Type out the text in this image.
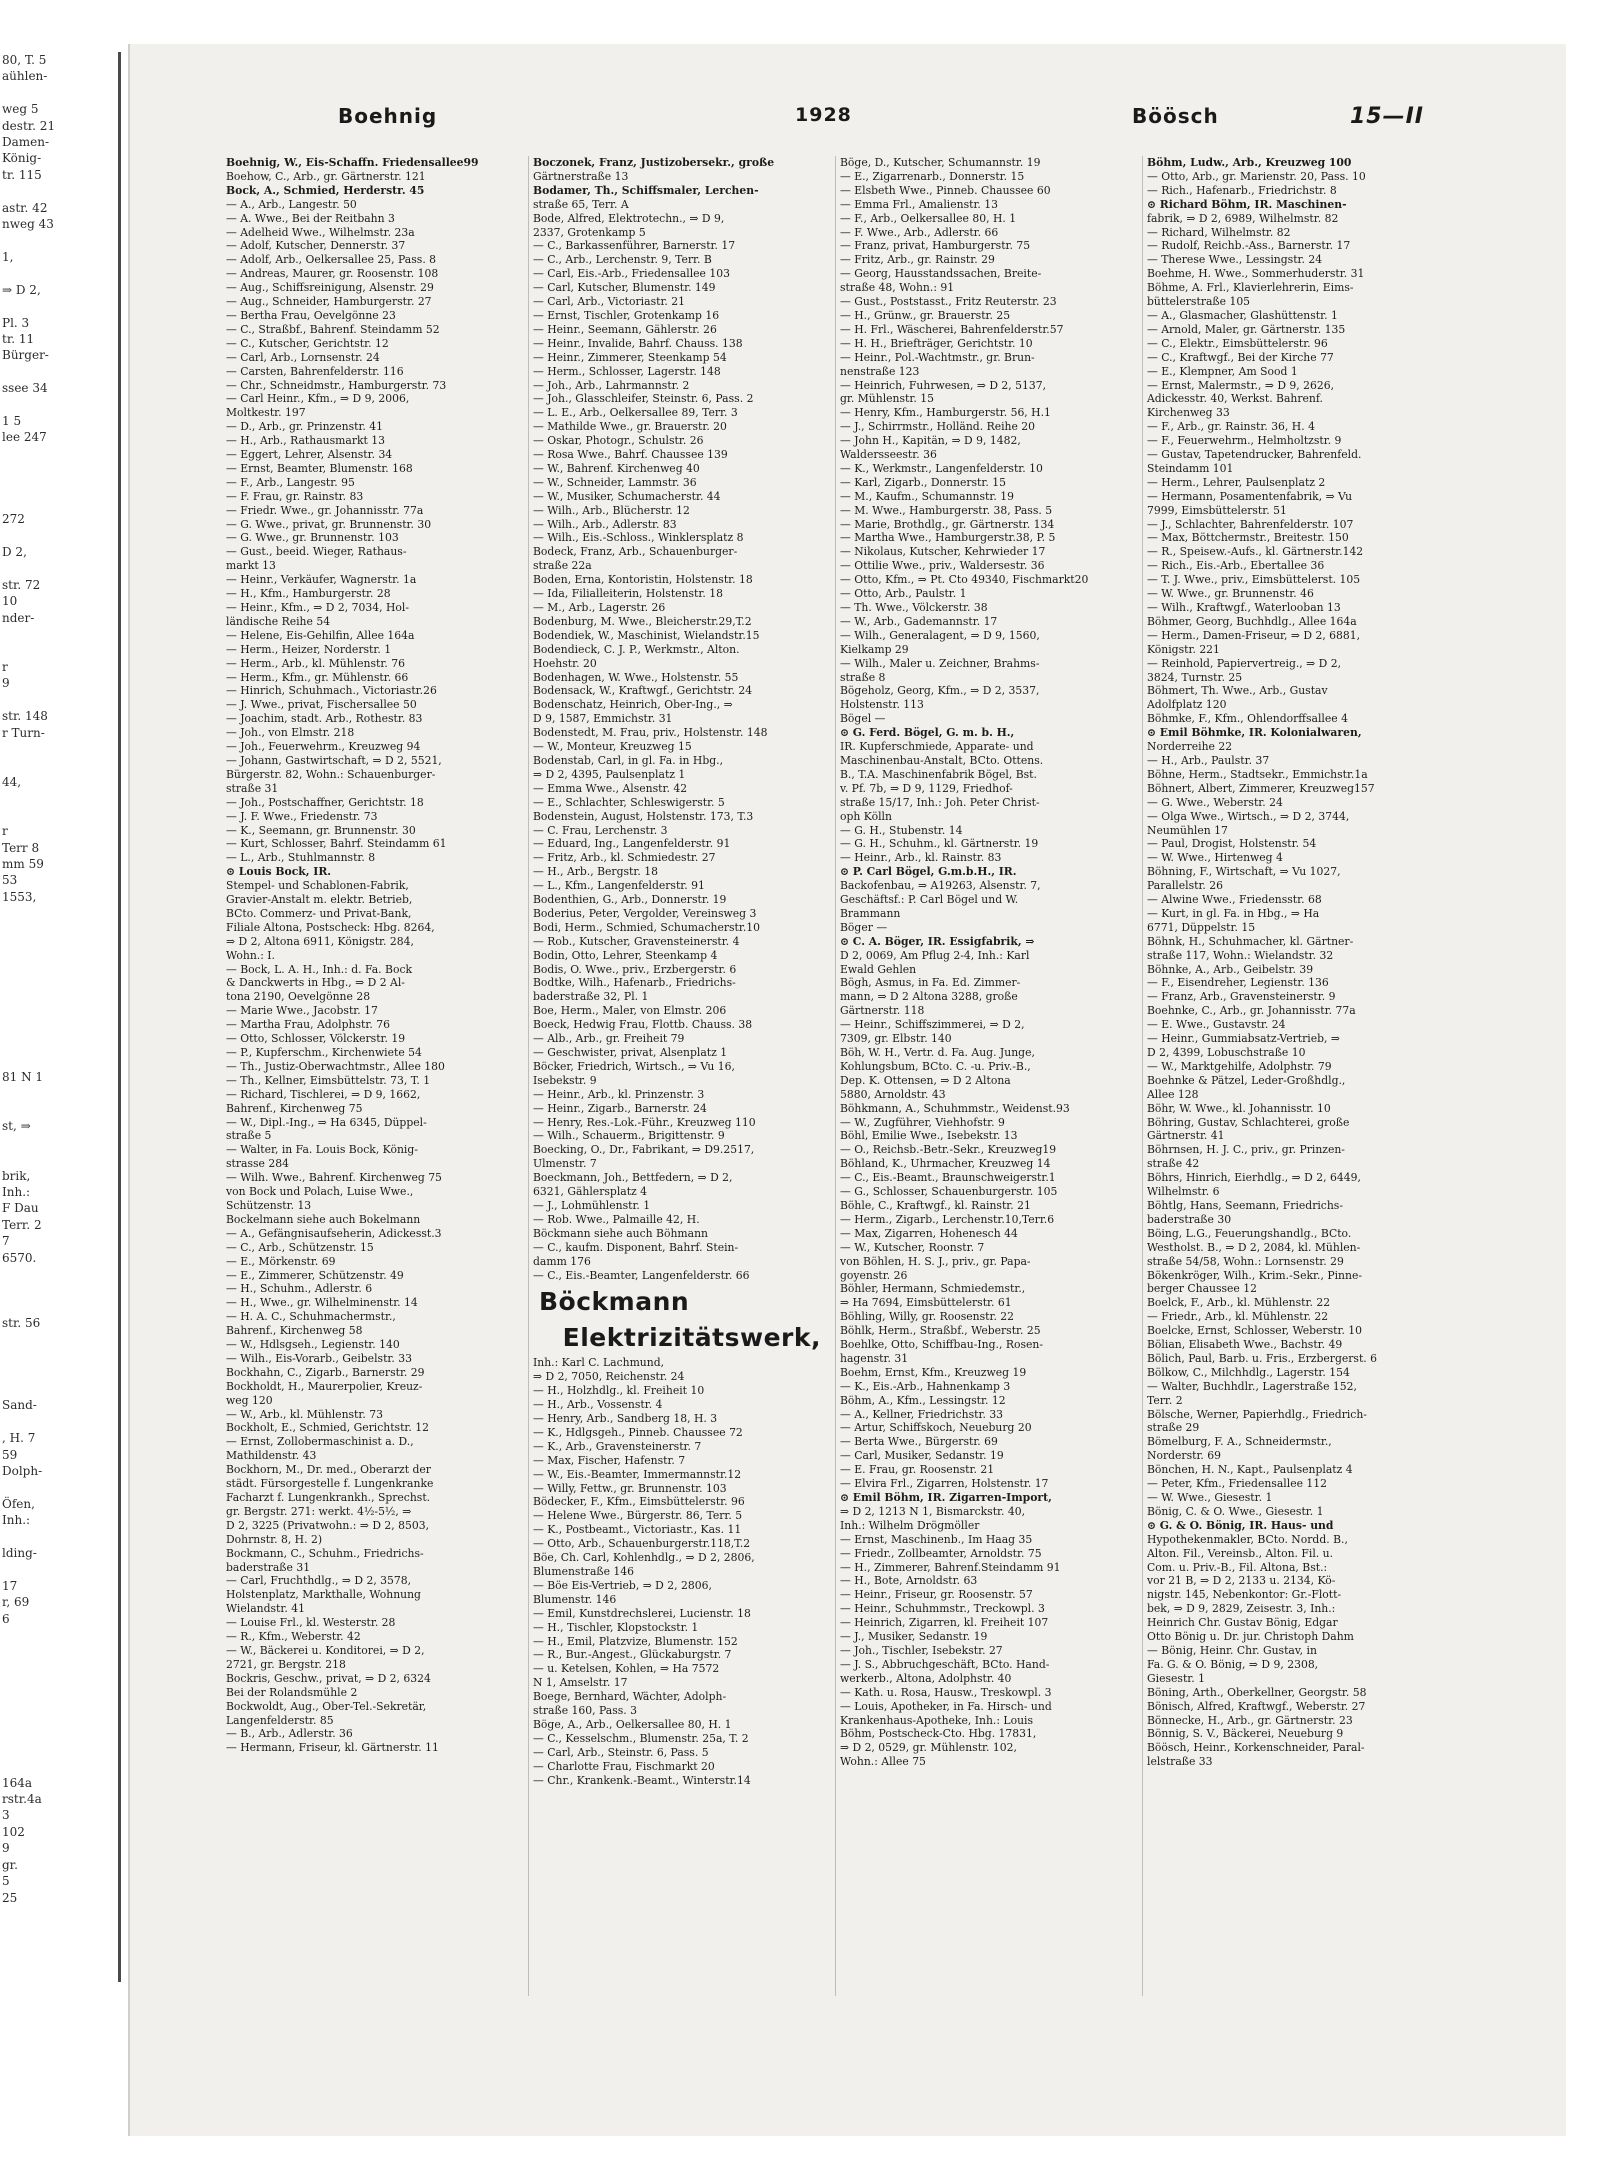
80, T. 5
aühlen-

weg 5
destr. 21
Damen-
König-
tr. 115

astr. 42
nweg 43

1,

⇒ D 2,

Pl. 3
tr. 11
Bürger-

ssee 34

1 5
lee 247

272

D 2,

str. 72
10
nder-

r
9

str. 148
r Turn-

44,

r
Terr 8
mm 59
53
1553,

81 N 1

st, ⇒

brik,
Inh.:
F Dau
Terr. 2
7
6570.

str. 56

Sand-

, H. 7
59
Dolph-

Öfen,
Inh.:

lding-

17
r, 69
6

164a
rstr.4a
3
102
9
gr.
5
25
Boehnig	1928	Böösch	15—II
Boehnig, W., Eis-Schaffn. Friedensallee99
Boehow, C., Arb., gr. Gärtnerstr. 121
Bock, A., Schmied, Herderstr. 45
— A., Arb., Langestr. 50
— A. Wwe., Bei der Reitbahn 3
— Adelheid Wwe., Wilhelmstr. 23a
— Adolf, Kutscher, Dennerstr. 37
— Adolf, Arb., Oelkersallee 25, Pass. 8
— Andreas, Maurer, gr. Roosenstr. 108
— Aug., Schiffsreinigung, Alsenstr. 29
— Aug., Schneider, Hamburgerstr. 27
— Bertha Frau, Oevelgönne 23
— C., Straßbf., Bahrenf. Steindamm 52
— C., Kutscher, Gerichtstr. 12
— Carl, Arb., Lornsenstr. 24
— Carsten, Bahrenfelderstr. 116
— Chr., Schneidmstr., Hamburgerstr. 73
— Carl Heinr., Kfm., ⇒ D 9, 2006,
Moltkestr. 197
— D., Arb., gr. Prinzenstr. 41
— H., Arb., Rathausmarkt 13
— Eggert, Lehrer, Alsenstr. 34
— Ernst, Beamter, Blumenstr. 168
— F., Arb., Langestr. 95
— F. Frau, gr. Rainstr. 83
— Friedr. Wwe., gr. Johannisstr. 77a
— G. Wwe., privat, gr. Brunnenstr. 30
— G. Wwe., gr. Brunnenstr. 103
— Gust., beeid. Wieger, Rathaus-
markt 13
— Heinr., Verkäufer, Wagnerstr. 1a
— H., Kfm., Hamburgerstr. 28
— Heinr., Kfm., ⇒ D 2, 7034, Hol-
ländische Reihe 54
— Helene, Eis-Gehilfin, Allee 164a
— Herm., Heizer, Norderstr. 1
— Herm., Arb., kl. Mühlenstr. 76
— Herm., Kfm., gr. Mühlenstr. 66
— Hinrich, Schuhmach., Victoriastr.26
— J. Wwe., privat, Fischersallee 50
— Joachim, stadt. Arb., Rothestr. 83
— Joh., von Elmstr. 218
— Joh., Feuerwehrm., Kreuzweg 94
— Johann, Gastwirtschaft, ⇒ D 2, 5521,
Bürgerstr. 82, Wohn.: Schauenburger-
straße 31
— Joh., Postschaffner, Gerichtstr. 18
— J. F. Wwe., Friedenstr. 73
— K., Seemann, gr. Brunnenstr. 30
— Kurt, Schlosser, Bahrf. Steindamm 61
— L., Arb., Stuhlmannstr. 8
⊙ Louis Bock, IR.
Stempel- und Schablonen-Fabrik,
Gravier-Anstalt m. elektr. Betrieb,
BCto. Commerz- und Privat-Bank,
Filiale Altona, Postscheck: Hbg. 8264,
⇒ D 2, Altona 6911, Königstr. 284,
Wohn.: I.
— Bock, L. A. H., Inh.: d. Fa. Bock
& Danckwerts in Hbg., ⇒ D 2 Al-
tona 2190, Oevelgönne 28
— Marie Wwe., Jacobstr. 17
— Martha Frau, Adolphstr. 76
— Otto, Schlosser, Völckerstr. 19
— P., Kupferschm., Kirchenwiete 54
— Th., Justiz-Oberwachtmstr., Allee 180
— Th., Kellner, Eimsbüttelstr. 73, T. 1
— Richard, Tischlerei, ⇒ D 9, 1662,
Bahrenf., Kirchenweg 75
— W., Dipl.-Ing., ⇒ Ha 6345, Düppel-
straße 5
— Walter, in Fa. Louis Bock, König-
strasse 284
— Wilh. Wwe., Bahrenf. Kirchenweg 75
von Bock und Polach, Luise Wwe.,
Schützenstr. 13
Bockelmann siehe auch Bokelmann
— A., Gefängnisaufseherin, Adickesst.3
— C., Arb., Schützenstr. 15
— E., Mörkenstr. 69
— E., Zimmerer, Schützenstr. 49
— H., Schuhm., Adlerstr. 6
— H., Wwe., gr. Wilhelminenstr. 14
— H. A. C., Schuhmachermstr.,
Bahrenf., Kirchenweg 58
— W., Hdlsgseh., Legienstr. 140
— Wilh., Eis-Vorarb., Geibelstr. 33
Bockhahn, C., Zigarb., Barnerstr. 29
Bockholdt, H., Maurerpolier, Kreuz-
weg 120
— W., Arb., kl. Mühlenstr. 73
Bockholt, E., Schmied, Gerichtstr. 12
— Ernst, Zollobermaschinist a. D.,
Mathildenstr. 43
Bockhorn, M., Dr. med., Oberarzt der
städt. Fürsorgestelle f. Lungenkranke
Facharzt f. Lungenkrankh., Sprechst.
gr. Bergstr. 271: werkt. 4½-5½, ⇒
D 2, 3225 (Privatwohn.: ⇒ D 2, 8503,
Dohrnstr. 8, H. 2)
Bockmann, C., Schuhm., Friedrichs-
baderstraße 31
— Carl, Fruchthdlg., ⇒ D 2, 3578,
Holstenplatz, Markthalle, Wohnung
Wielandstr. 41
— Louise Frl., kl. Westerstr. 28
— R., Kfm., Weberstr. 42
— W., Bäckerei u. Konditorei, ⇒ D 2,
2721, gr. Bergstr. 218
Bockris, Geschw., privat, ⇒ D 2, 6324
Bei der Rolandsmühle 2
Bockwoldt, Aug., Ober-Tel.-Sekretär,
Langenfelderstr. 85
— B., Arb., Adlerstr. 36
— Hermann, Friseur, kl. Gärtnerstr. 11
Boczonek, Franz, Justizobersekr., große
Gärtnerstraße 13
Bodamer, Th., Schiffsmaler, Lerchen-
straße 65, Terr. A
Bode, Alfred, Elektrotechn., ⇒ D 9,
2337, Grotenkamp 5
— C., Barkassenführer, Barnerstr. 17
— C., Arb., Lerchenstr. 9, Terr. B
— Carl, Eis.-Arb., Friedensallee 103
— Carl, Kutscher, Blumenstr. 149
— Carl, Arb., Victoriastr. 21
— Ernst, Tischler, Grotenkamp 16
— Heinr., Seemann, Gählerstr. 26
— Heinr., Invalide, Bahrf. Chauss. 138
— Heinr., Zimmerer, Steenkamp 54
— Herm., Schlosser, Lagerstr. 148
— Joh., Arb., Lahrmannstr. 2
— Joh., Glasschleifer, Steinstr. 6, Pass. 2
— L. E., Arb., Oelkersallee 89, Terr. 3
— Mathilde Wwe., gr. Brauerstr. 20
— Oskar, Photogr., Schulstr. 26
— Rosa Wwe., Bahrf. Chaussee 139
— W., Bahrenf. Kirchenweg 40
— W., Schneider, Lammstr. 36
— W., Musiker, Schumacherstr. 44
— Wilh., Arb., Blücherstr. 12
— Wilh., Arb., Adlerstr. 83
— Wilh., Eis.-Schloss., Winklersplatz 8
Bodeck, Franz, Arb., Schauenburger-
straße 22a
Boden, Erna, Kontoristin, Holstenstr. 18
— Ida, Filialleiterin, Holstenstr. 18
— M., Arb., Lagerstr. 26
Bodenburg, M. Wwe., Bleicherstr.29,T.2
Bodendiek, W., Maschinist, Wielandstr.15
Bodendieck, C. J. P., Werkmstr., Alton.
Hoehstr. 20
Bodenhagen, W. Wwe., Holstenstr. 55
Bodensack, W., Kraftwgf., Gerichtstr. 24
Bodenschatz, Heinrich, Ober-Ing., ⇒
D 9, 1587, Emmichstr. 31
Bodenstedt, M. Frau, priv., Holstenstr. 148
— W., Monteur, Kreuzweg 15
Bodenstab, Carl, in gl. Fa. in Hbg.,
⇒ D 2, 4395, Paulsenplatz 1
— Emma Wwe., Alsenstr. 42
— E., Schlachter, Schleswigerstr. 5
Bodenstein, August, Holstenstr. 173, T.3
— C. Frau, Lerchenstr. 3
— Eduard, Ing., Langenfelderstr. 91
— Fritz, Arb., kl. Schmiedestr. 27
— H., Arb., Bergstr. 18
— L., Kfm., Langenfelderstr. 91
Bodenthien, G., Arb., Donnerstr. 19
Boderius, Peter, Vergolder, Vereinsweg 3
Bodi, Herm., Schmied, Schumacherstr.10
— Rob., Kutscher, Gravensteinerstr. 4
Bodin, Otto, Lehrer, Steenkamp 4
Bodis, O. Wwe., priv., Erzbergerstr. 6
Bodtke, Wilh., Hafenarb., Friedrichs-
baderstraße 32, Pl. 1
Boe, Herm., Maler, von Elmstr. 206
Boeck, Hedwig Frau, Flottb. Chauss. 38
— Alb., Arb., gr. Freiheit 79
— Geschwister, privat, Alsenplatz 1
Böcker, Friedrich, Wirtsch., ⇒ Vu 16,
Isebekstr. 9
— Heinr., Arb., kl. Prinzenstr. 3
— Heinr., Zigarb., Barnerstr. 24
— Henry, Res.-Lok.-Führ., Kreuzweg 110
— Wilh., Schauerm., Brigittenstr. 9
Boecking, O., Dr., Fabrikant, ⇒ D9.2517,
Ulmenstr. 7
Boeckmann, Joh., Bettfedern, ⇒ D 2,
6321, Gählersplatz 4
— J., Lohmühlenstr. 1
— Rob. Wwe., Palmaille 42, H.
Böckmann siehe auch Böhmann
— C., kaufm. Disponent, Bahrf. Stein-
damm 176
— C., Eis.-Beamter, Langenfelderstr. 66
Böckmann
Elektrizitätswerk,
Inh.: Karl C. Lachmund,
⇒ D 2, 7050, Reichenstr. 24
— H., Holzhdlg., kl. Freiheit 10
— H., Arb., Vossenstr. 4
— Henry, Arb., Sandberg 18, H. 3
— K., Hdlgsgeh., Pinneb. Chaussee 72
— K., Arb., Gravensteinerstr. 7
— Max, Fischer, Hafenstr. 7
— W., Eis.-Beamter, Immermannstr.12
— Willy, Fettw., gr. Brunnenstr. 103
Bödecker, F., Kfm., Eimsbüttelerstr. 96
— Helene Wwe., Bürgerstr. 86, Terr. 5
— K., Postbeamt., Victoriastr., Kas. 11
— Otto, Arb., Schauenburgerstr.118,T.2
Böe, Ch. Carl, Kohlenhdlg., ⇒ D 2, 2806,
Blumenstraße 146
— Böe Eis-Vertrieb, ⇒ D 2, 2806,
Blumenstr. 146
— Emil, Kunstdrechslerei, Lucienstr. 18
— H., Tischler, Klopstockstr. 1
— H., Emil, Platzvize, Blumenstr. 152
— R., Bur.-Angest., Glückaburgstr. 7
— u. Ketelsen, Kohlen, ⇒ Ha 7572
N 1, Amselstr. 17
Boege, Bernhard, Wächter, Adolph-
straße 160, Pass. 3
Böge, A., Arb., Oelkersallee 80, H. 1
— C., Kesselschm., Blumenstr. 25a, T. 2
— Carl, Arb., Steinstr. 6, Pass. 5
— Charlotte Frau, Fischmarkt 20
— Chr., Krankenk.-Beamt., Winterstr.14
Böge, D., Kutscher, Schumannstr. 19
— E., Zigarrenarb., Donnerstr. 15
— Elsbeth Wwe., Pinneb. Chaussee 60
— Emma Frl., Amalienstr. 13
— F., Arb., Oelkersallee 80, H. 1
— F. Wwe., Arb., Adlerstr. 66
— Franz, privat, Hamburgerstr. 75
— Fritz, Arb., gr. Rainstr. 29
— Georg, Hausstandssachen, Breite-
straße 48, Wohn.: 91
— Gust., Poststasst., Fritz Reuterstr. 23
— H., Grünw., gr. Brauerstr. 25
— H. Frl., Wäscherei, Bahrenfelderstr.57
— H. H., Briefträger, Gerichtstr. 10
— Heinr., Pol.-Wachtmstr., gr. Brun-
nenstraße 123
— Heinrich, Fuhrwesen, ⇒ D 2, 5137,
gr. Mühlenstr. 15
— Henry, Kfm., Hamburgerstr. 56, H.1
— J., Schirrmstr., Holländ. Reihe 20
— John H., Kapitän, ⇒ D 9, 1482,
Waldersseestr. 36
— K., Werkmstr., Langenfelderstr. 10
— Karl, Zigarb., Donnerstr. 15
— M., Kaufm., Schumannstr. 19
— M. Wwe., Hamburgerstr. 38, Pass. 5
— Marie, Brothdlg., gr. Gärtnerstr. 134
— Martha Wwe., Hamburgerstr.38, P. 5
— Nikolaus, Kutscher, Kehrwieder 17
— Ottilie Wwe., priv., Waldersestr. 36
— Otto, Kfm., ⇒ Pt. Cto 49340, Fischmarkt20
— Otto, Arb., Paulstr. 1
— Th. Wwe., Völckerstr. 38
— W., Arb., Gademannstr. 17
— Wilh., Generalagent, ⇒ D 9, 1560,
Kielkamp 29
— Wilh., Maler u. Zeichner, Brahms-
straße 8
Bögeholz, Georg, Kfm., ⇒ D 2, 3537,
Holstenstr. 113
Bögel —
⊙ G. Ferd. Bögel, G. m. b. H.,
IR. Kupferschmiede, Apparate- und
Maschinenbau-Anstalt, BCto. Ottens.
B., T.A. Maschinenfabrik Bögel, Bst.
v. Pf. 7b, ⇒ D 9, 1129, Friedhof-
straße 15/17, Inh.: Joh. Peter Christ-
oph Kölln
— G. H., Stubenstr. 14
— G. H., Schuhm., kl. Gärtnerstr. 19
— Heinr., Arb., kl. Rainstr. 83
⊙ P. Carl Bögel, G.m.b.H., IR.
Backofenbau, ⇒ A19263, Alsenstr. 7,
Geschäftsf.: P. Carl Bögel und W.
Brammann
Böger —
⊙ C. A. Böger, IR. Essigfabrik, ⇒
D 2, 0069, Am Pflug 2-4, Inh.: Karl
Ewald Gehlen
Bögh, Asmus, in Fa. Ed. Zimmer-
mann, ⇒ D 2 Altona 3288, große
Gärtnerstr. 118
— Heinr., Schiffszimmerei, ⇒ D 2,
7309, gr. Elbstr. 140
Böh, W. H., Vertr. d. Fa. Aug. Junge,
Kohlungsbum, BCto. C. -u. Priv.-B.,
Dep. K. Ottensen, ⇒ D 2 Altona
5880, Arnoldstr. 43
Böhkmann, A., Schuhmmstr., Weidenst.93
— W., Zugführer, Viehhofstr. 9
Böhl, Emilie Wwe., Isebekstr. 13
— O., Reichsb.-Betr.-Sekr., Kreuzweg19
Böhland, K., Uhrmacher, Kreuzweg 14
— C., Eis.-Beamt., Braunschweigerstr.1
— G., Schlosser, Schauenburgerstr. 105
Böhle, C., Kraftwgf., kl. Rainstr. 21
— Herm., Zigarb., Lerchenstr.10,Terr.6
— Max, Zigarren, Hohenesch 44
— W., Kutscher, Roonstr. 7
von Böhlen, H. S. J., priv., gr. Papa-
goyenstr. 26
Böhler, Hermann, Schmiedemstr.,
⇒ Ha 7694, Eimsbüttelerstr. 61
Böhling, Willy, gr. Roosenstr. 22
Böhlk, Herm., Straßbf., Weberstr. 25
Boehlke, Otto, Schiffbau-Ing., Rosen-
hagenstr. 31
Boehm, Ernst, Kfm., Kreuzweg 19
— K., Eis.-Arb., Hahnenkamp 3
Böhm, A., Kfm., Lessingstr. 12
— A., Kellner, Friedrichstr. 33
— Artur, Schiffskoch, Neueburg 20
— Berta Wwe., Bürgerstr. 69
— Carl, Musiker, Sedanstr. 19
— E. Frau, gr. Roosenstr. 21
— Elvira Frl., Zigarren, Holstenstr. 17
⊙ Emil Böhm, IR. Zigarren-Import,
⇒ D 2, 1213 N 1, Bismarckstr. 40,
Inh.: Wilhelm Drögmöller
— Ernst, Maschinenb., Im Haag 35
— Friedr., Zollbeamter, Arnoldstr. 75
— H., Zimmerer, Bahrenf.Steindamm 91
— H., Bote, Arnoldstr. 63
— Heinr., Friseur, gr. Roosenstr. 57
— Heinr., Schuhmmstr., Treckowpl. 3
— Heinrich, Zigarren, kl. Freiheit 107
— J., Musiker, Sedanstr. 19
— Joh., Tischler, Isebekstr. 27
— J. S., Abbruchgeschäft, BCto. Hand-
werkerb., Altona, Adolphstr. 40
— Kath. u. Rosa, Hausw., Treskowpl. 3
— Louis, Apotheker, in Fa. Hirsch- und
Krankenhaus-Apotheke, Inh.: Louis
Böhm, Postscheck-Cto. Hbg. 17831,
⇒ D 2, 0529, gr. Mühlenstr. 102,
Wohn.: Allee 75
Böhm, Ludw., Arb., Kreuzweg 100
— Otto, Arb., gr. Marienstr. 20, Pass. 10
— Rich., Hafenarb., Friedrichstr. 8
⊙ Richard Böhm, IR. Maschinen-
fabrik, ⇒ D 2, 6989, Wilhelmstr. 82
— Richard, Wilhelmstr. 82
— Rudolf, Reichb.-Ass., Barnerstr. 17
— Therese Wwe., Lessingstr. 24
Boehme, H. Wwe., Sommerhuderstr. 31
Böhme, A. Frl., Klavierlehrerin, Eims-
büttelerstraße 105
— A., Glasmacher, Glashüttenstr. 1
— Arnold, Maler, gr. Gärtnerstr. 135
— C., Elektr., Eimsbüttelerstr. 96
— C., Kraftwgf., Bei der Kirche 77
— E., Klempner, Am Sood 1
— Ernst, Malermstr., ⇒ D 9, 2626,
Adickesstr. 40, Werkst. Bahrenf.
Kirchenweg 33
— F., Arb., gr. Rainstr. 36, H. 4
— F., Feuerwehrm., Helmholtzstr. 9
— Gustav, Tapetendrucker, Bahrenfeld.
Steindamm 101
— Herm., Lehrer, Paulsenplatz 2
— Hermann, Posamentenfabrik, ⇒ Vu
7999, Eimsbüttelerstr. 51
— J., Schlachter, Bahrenfelderstr. 107
— Max, Böttchermstr., Breitestr. 150
— R., Speisew.-Aufs., kl. Gärtnerstr.142
— Rich., Eis.-Arb., Ebertallee 36
— T. J. Wwe., priv., Eimsbüttelerst. 105
— W. Wwe., gr. Brunnenstr. 46
— Wilh., Kraftwgf., Waterlooban 13
Böhmer, Georg, Buchhdlg., Allee 164a
— Herm., Damen-Friseur, ⇒ D 2, 6881,
Königstr. 221
— Reinhold, Papiervertreig., ⇒ D 2,
3824, Turnstr. 25
Böhmert, Th. Wwe., Arb., Gustav
Adolfplatz 120
Böhmke, F., Kfm., Ohlendorffsallee 4
⊙ Emil Böhmke, IR. Kolonialwaren,
Norderreihe 22
— H., Arb., Paulstr. 37
Böhne, Herm., Stadtsekr., Emmichstr.1a
Böhnert, Albert, Zimmerer, Kreuzweg157
— G. Wwe., Weberstr. 24
— Olga Wwe., Wirtsch., ⇒ D 2, 3744,
Neumühlen 17
— Paul, Drogist, Holstenstr. 54
— W. Wwe., Hirtenweg 4
Böhning, F., Wirtschaft, ⇒ Vu 1027,
Parallelstr. 26
— Alwine Wwe., Friedensstr. 68
— Kurt, in gl. Fa. in Hbg., ⇒ Ha
6771, Düppelstr. 15
Böhnk, H., Schuhmacher, kl. Gärtner-
straße 117, Wohn.: Wielandstr. 32
Böhnke, A., Arb., Geibelstr. 39
— F., Eisendreher, Legienstr. 136
— Franz, Arb., Gravensteinerstr. 9
Boehnke, C., Arb., gr. Johannisstr. 77a
— E. Wwe., Gustavstr. 24
— Heinr., Gummiabsatz-Vertrieb, ⇒
D 2, 4399, Lobuschstraße 10
— W., Marktgehilfe, Adolphstr. 79
Boehnke & Pätzel, Leder-Großhdlg.,
Allee 128
Böhr, W. Wwe., kl. Johannisstr. 10
Böhring, Gustav, Schlachterei, große
Gärtnerstr. 41
Böhrnsen, H. J. C., priv., gr. Prinzen-
straße 42
Böhrs, Hinrich, Eierhdlg., ⇒ D 2, 6449,
Wilhelmstr. 6
Böhtlg, Hans, Seemann, Friedrichs-
baderstraße 30
Böing, L.G., Feuerungshandlg., BCto.
Westholst. B., ⇒ D 2, 2084, kl. Mühlen-
straße 54/58, Wohn.: Lornsenstr. 29
Bökenkröger, Wilh., Krim.-Sekr., Pinne-
berger Chaussee 12
Boelck, F., Arb., kl. Mühlenstr. 22
— Friedr., Arb., kl. Mühlenstr. 22
Boelcke, Ernst, Schlosser, Weberstr. 10
Bölian, Elisabeth Wwe., Bachstr. 49
Bölich, Paul, Barb. u. Fris., Erzbergerst. 6
Bölkow, C., Milchhdlg., Lagerstr. 154
— Walter, Buchhdlr., Lagerstraße 152,
Terr. 2
Bölsche, Werner, Papierhdlg., Friedrich-
straße 29
Bömelburg, F. A., Schneidermstr.,
Norderstr. 69
Bönchen, H. N., Kapt., Paulsenplatz 4
— Peter, Kfm., Friedensallee 112
— W. Wwe., Giesestr. 1
Bönig, C. & O. Wwe., Giesestr. 1
⊙ G. & O. Bönig, IR. Haus- und
Hypothekenmakler, BCto. Nordd. B.,
Alton. Fil., Vereinsb., Alton. Fil. u.
Com. u. Priv.-B., Fil. Altona, Bst.:
vor 21 B, ⇒ D 2, 2133 u. 2134, Kö-
nigstr. 145, Nebenkontor: Gr.-Flott-
bek, ⇒ D 9, 2829, Zeisestr. 3, Inh.:
Heinrich Chr. Gustav Bönig, Edgar
Otto Bönig u. Dr. jur. Christoph Dahm
— Bönig, Heinr. Chr. Gustav, in
Fa. G. & O. Bönig, ⇒ D 9, 2308,
Giesestr. 1
Böning, Arth., Oberkellner, Georgstr. 58
Bönisch, Alfred, Kraftwgf., Weberstr. 27
Bönnecke, H., Arb., gr. Gärtnerstr. 23
Bönnig, S. V., Bäckerei, Neueburg 9
Böösch, Heinr., Korkenschneider, Paral-
lelstraße 33
